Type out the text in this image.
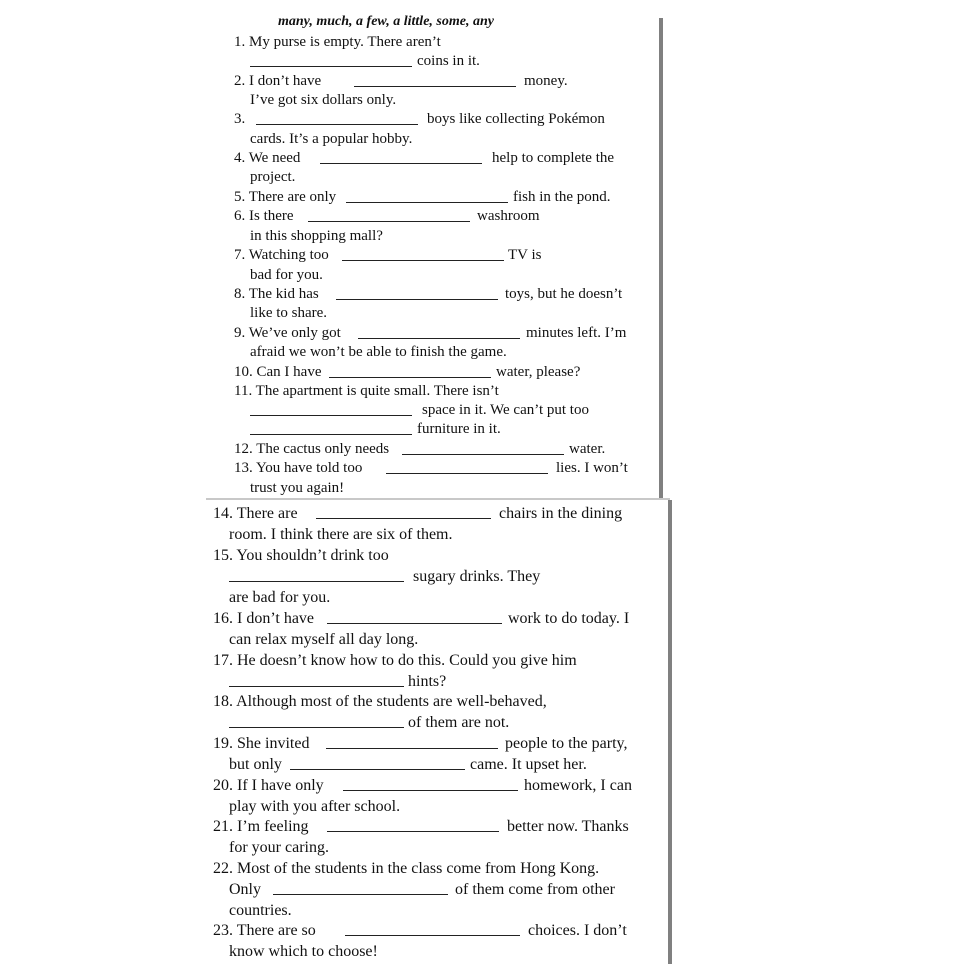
many, much, a few, a little, some, any
1. My purse is empty. There aren’t
coins in it.
2. I don’t have	money.
I’ve got six dollars only.
3.	boys like collecting Pokémon
cards. It’s a popular hobby.
4. We need	help to complete the
project.
5. There are only	fish in the pond.
6. Is there	washroom
in this shopping mall?
7. Watching too	TV is
bad for you.
8. The kid has	toys, but he doesn’t
like to share.
9. We’ve only got	minutes left. I’m
afraid we won’t be able to finish the game.
10. Can I have	water, please?
11. The apartment is quite small. There isn’t
space in it. We can’t put too
furniture in it.
12. The cactus only needs	water.
13. You have told too	lies. I won’t
trust you again!
14. There are	chairs in the dining
room. I think there are six of them.
15. You shouldn’t drink too
sugary drinks. They
are bad for you.
16. I don’t have	work to do today. I
can relax myself all day long.
17. He doesn’t know how to do this. Could you give him
hints?
18. Although most of the students are well-behaved,
of them are not.
19. She invited	people to the party,
but only	came. It upset her.
20. If I have only	homework, I can
play with you after school.
21. I’m feeling	better now. Thanks
for your caring.
22. Most of the students in the class come from Hong Kong.
Only	of them come from other
countries.
23. There are so	choices. I don’t
know which to choose!
